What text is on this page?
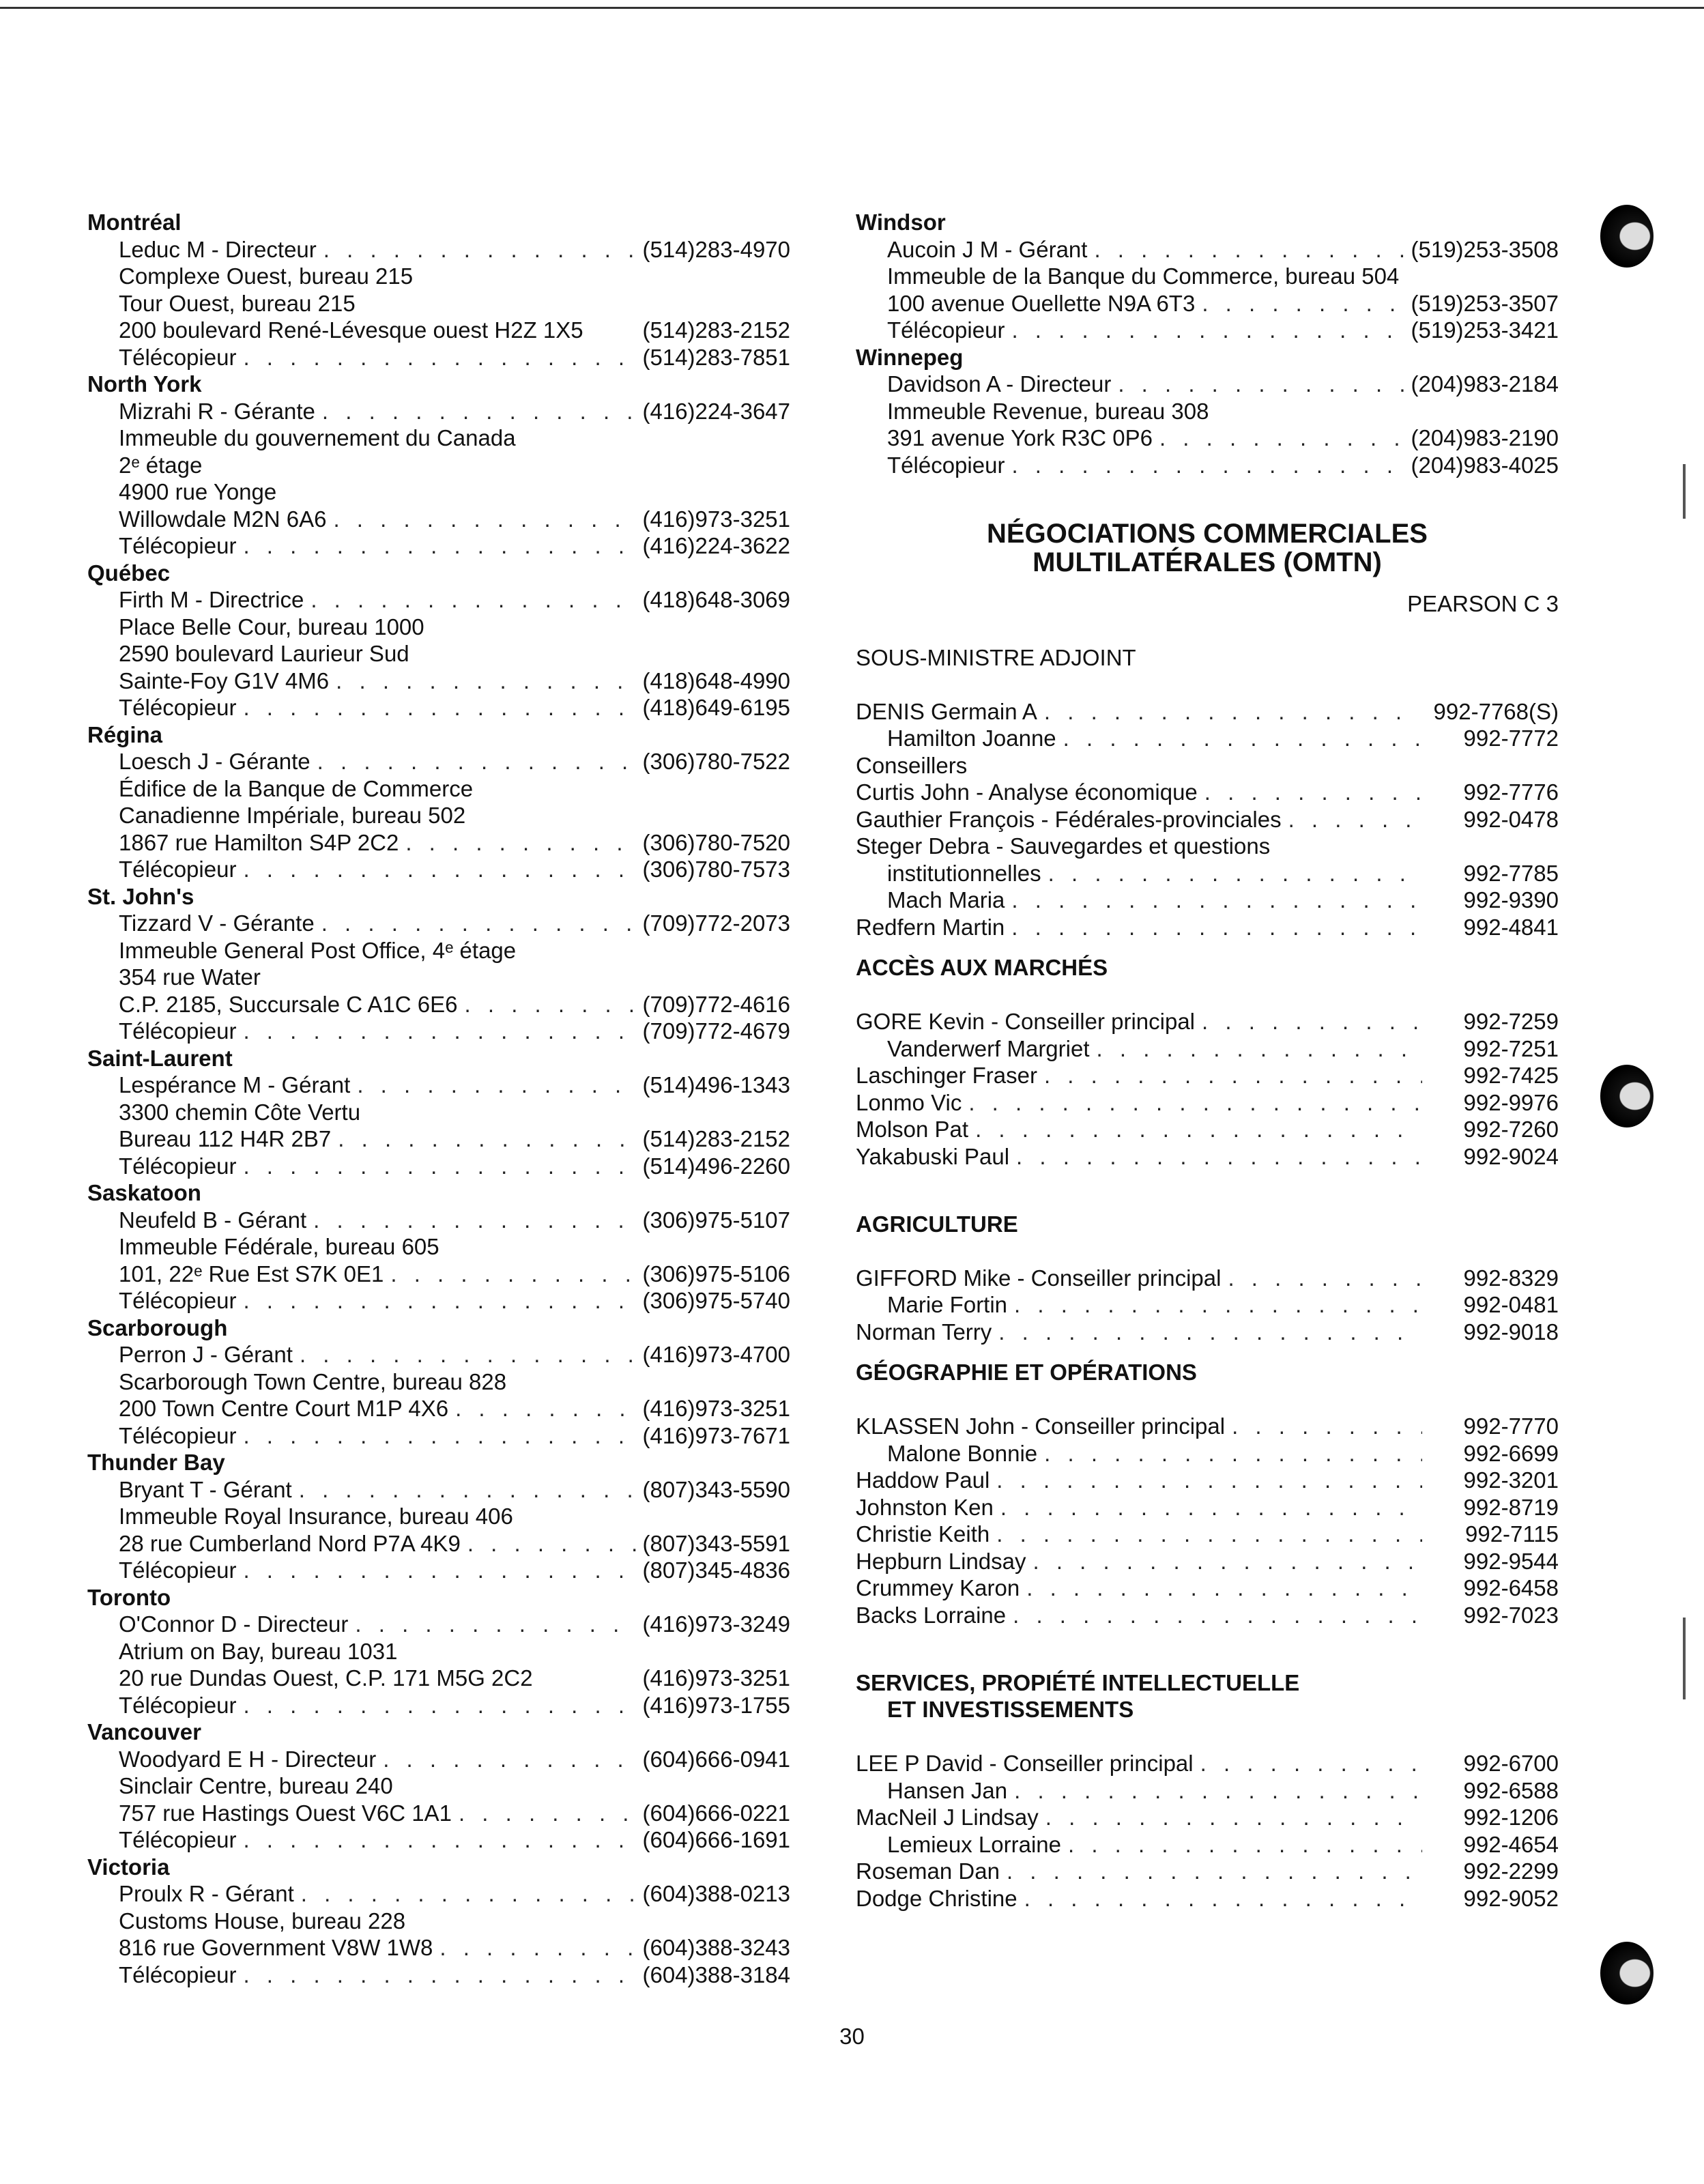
Montréal
Leduc M - Directeur . . .	(514)283-4970
Complexe Ouest, bureau 215
Tour Ouest, bureau 215
200 boulevard René-Lévesque ouest H2Z 1X5	(514)283-2152
Télécopieur . . .	(514)283-7851
North York
Mizrahi R - Gérante . . .	(416)224-3647
Immeuble du gouvernement du Canada
2ᵉ étage
4900 rue Yonge
Willowdale M2N 6A6 . . .	(416)973-3251
Télécopieur . . .	(416)224-3622
Québec
Firth M - Directrice . . .	(418)648-3069
Place Belle Cour, bureau 1000
2590 boulevard Laurieur Sud
Sainte-Foy G1V 4M6 . . .	(418)648-4990
Télécopieur . . .	(418)649-6195
Régina
Loesch J - Gérante . . .	(306)780-7522
Édifice de la Banque de Commerce
Canadienne Impériale, bureau 502
1867 rue Hamilton S4P 2C2 . . .	(306)780-7520
Télécopieur . . .	(306)780-7573
St. John's
Tizzard V - Gérante . . .	(709)772-2073
Immeuble General Post Office, 4ᵉ étage
354 rue Water
C.P. 2185, Succursale C A1C 6E6 . . .	(709)772-4616
Télécopieur . . .	(709)772-4679
Saint-Laurent
Lespérance M - Gérant . . .	(514)496-1343
3300 chemin Côte Vertu
Bureau 112 H4R 2B7 . . .	(514)283-2152
Télécopieur . . .	(514)496-2260
Saskatoon
Neufeld B - Gérant . . .	(306)975-5107
Immeuble Fédérale, bureau 605
101, 22ᵉ Rue Est S7K 0E1 . . .	(306)975-5106
Télécopieur . . .	(306)975-5740
Scarborough
Perron J - Gérant . . .	(416)973-4700
Scarborough Town Centre, bureau 828
200 Town Centre Court M1P 4X6 . . .	(416)973-3251
Télécopieur . . .	(416)973-7671
Thunder Bay
Bryant T - Gérant . . .	(807)343-5590
Immeuble Royal Insurance, bureau 406
28 rue Cumberland Nord P7A 4K9 . . .	(807)343-5591
Télécopieur . . .	(807)345-4836
Toronto
O'Connor D - Directeur . . .	(416)973-3249
Atrium on Bay, bureau 1031
20 rue Dundas Ouest, C.P. 171 M5G 2C2	(416)973-3251
Télécopieur . . .	(416)973-1755
Vancouver
Woodyard E H - Directeur . . .	(604)666-0941
Sinclair Centre, bureau 240
757 rue Hastings Ouest V6C 1A1 . . .	(604)666-0221
Télécopieur . . .	(604)666-1691
Victoria
Proulx R - Gérant . . .	(604)388-0213
Customs House, bureau 228
816 rue Government V8W 1W8 . . .	(604)388-3243
Télécopieur . . .	(604)388-3184
Windsor
Aucoin J M - Gérant . . .	(519)253-3508
Immeuble de la Banque du Commerce, bureau 504
100 avenue Ouellette N9A 6T3 . . .	(519)253-3507
Télécopieur . . .	(519)253-3421
Winnepeg
Davidson A - Directeur . . .	(204)983-2184
Immeuble Revenue, bureau 308
391 avenue York R3C 0P6 . . .	(204)983-2190
Télécopieur . . .	(204)983-4025
NÉGOCIATIONS COMMERCIALES
MULTILATÉRALES (OMTN)
PEARSON C 3
SOUS-MINISTRE ADJOINT
DENIS Germain A . . .	992-7768(S)
Hamilton Joanne . . .	992-7772
Conseillers
Curtis John - Analyse économique . . .	992-7776
Gauthier François - Fédérales-provinciales . . .	992-0478
Steger Debra - Sauvegardes et questions
institutionnelles . . .	992-7785
Mach Maria . . .	992-9390
Redfern Martin . . .	992-4841
ACCÈS AUX MARCHÉS
GORE Kevin - Conseiller principal . . .	992-7259
Vanderwerf Margriet . . .	992-7251
Laschinger Fraser . . .	992-7425
Lonmo Vic . . .	992-9976
Molson Pat . . .	992-7260
Yakabuski Paul . . .	992-9024
AGRICULTURE
GIFFORD Mike - Conseiller principal . . .	992-8329
Marie Fortin . . .	992-0481
Norman Terry . . .	992-9018
GÉOGRAPHIE ET OPÉRATIONS
KLASSEN John - Conseiller principal . . .	992-7770
Malone Bonnie . . .	992-6699
Haddow Paul . . .	992-3201
Johnston Ken . . .	992-8719
Christie Keith . . .	992-7115
Hepburn Lindsay . . .	992-9544
Crummey Karon . . .	992-6458
Backs Lorraine . . .	992-7023
SERVICES, PROPIÉTÉ INTELLECTUELLE
ET INVESTISSEMENTS
LEE P David - Conseiller principal . . .	992-6700
Hansen Jan . . .	992-6588
MacNeil J Lindsay . . .	992-1206
Lemieux Lorraine . . .	992-4654
Roseman Dan . . .	992-2299
Dodge Christine . . .	992-9052
30
